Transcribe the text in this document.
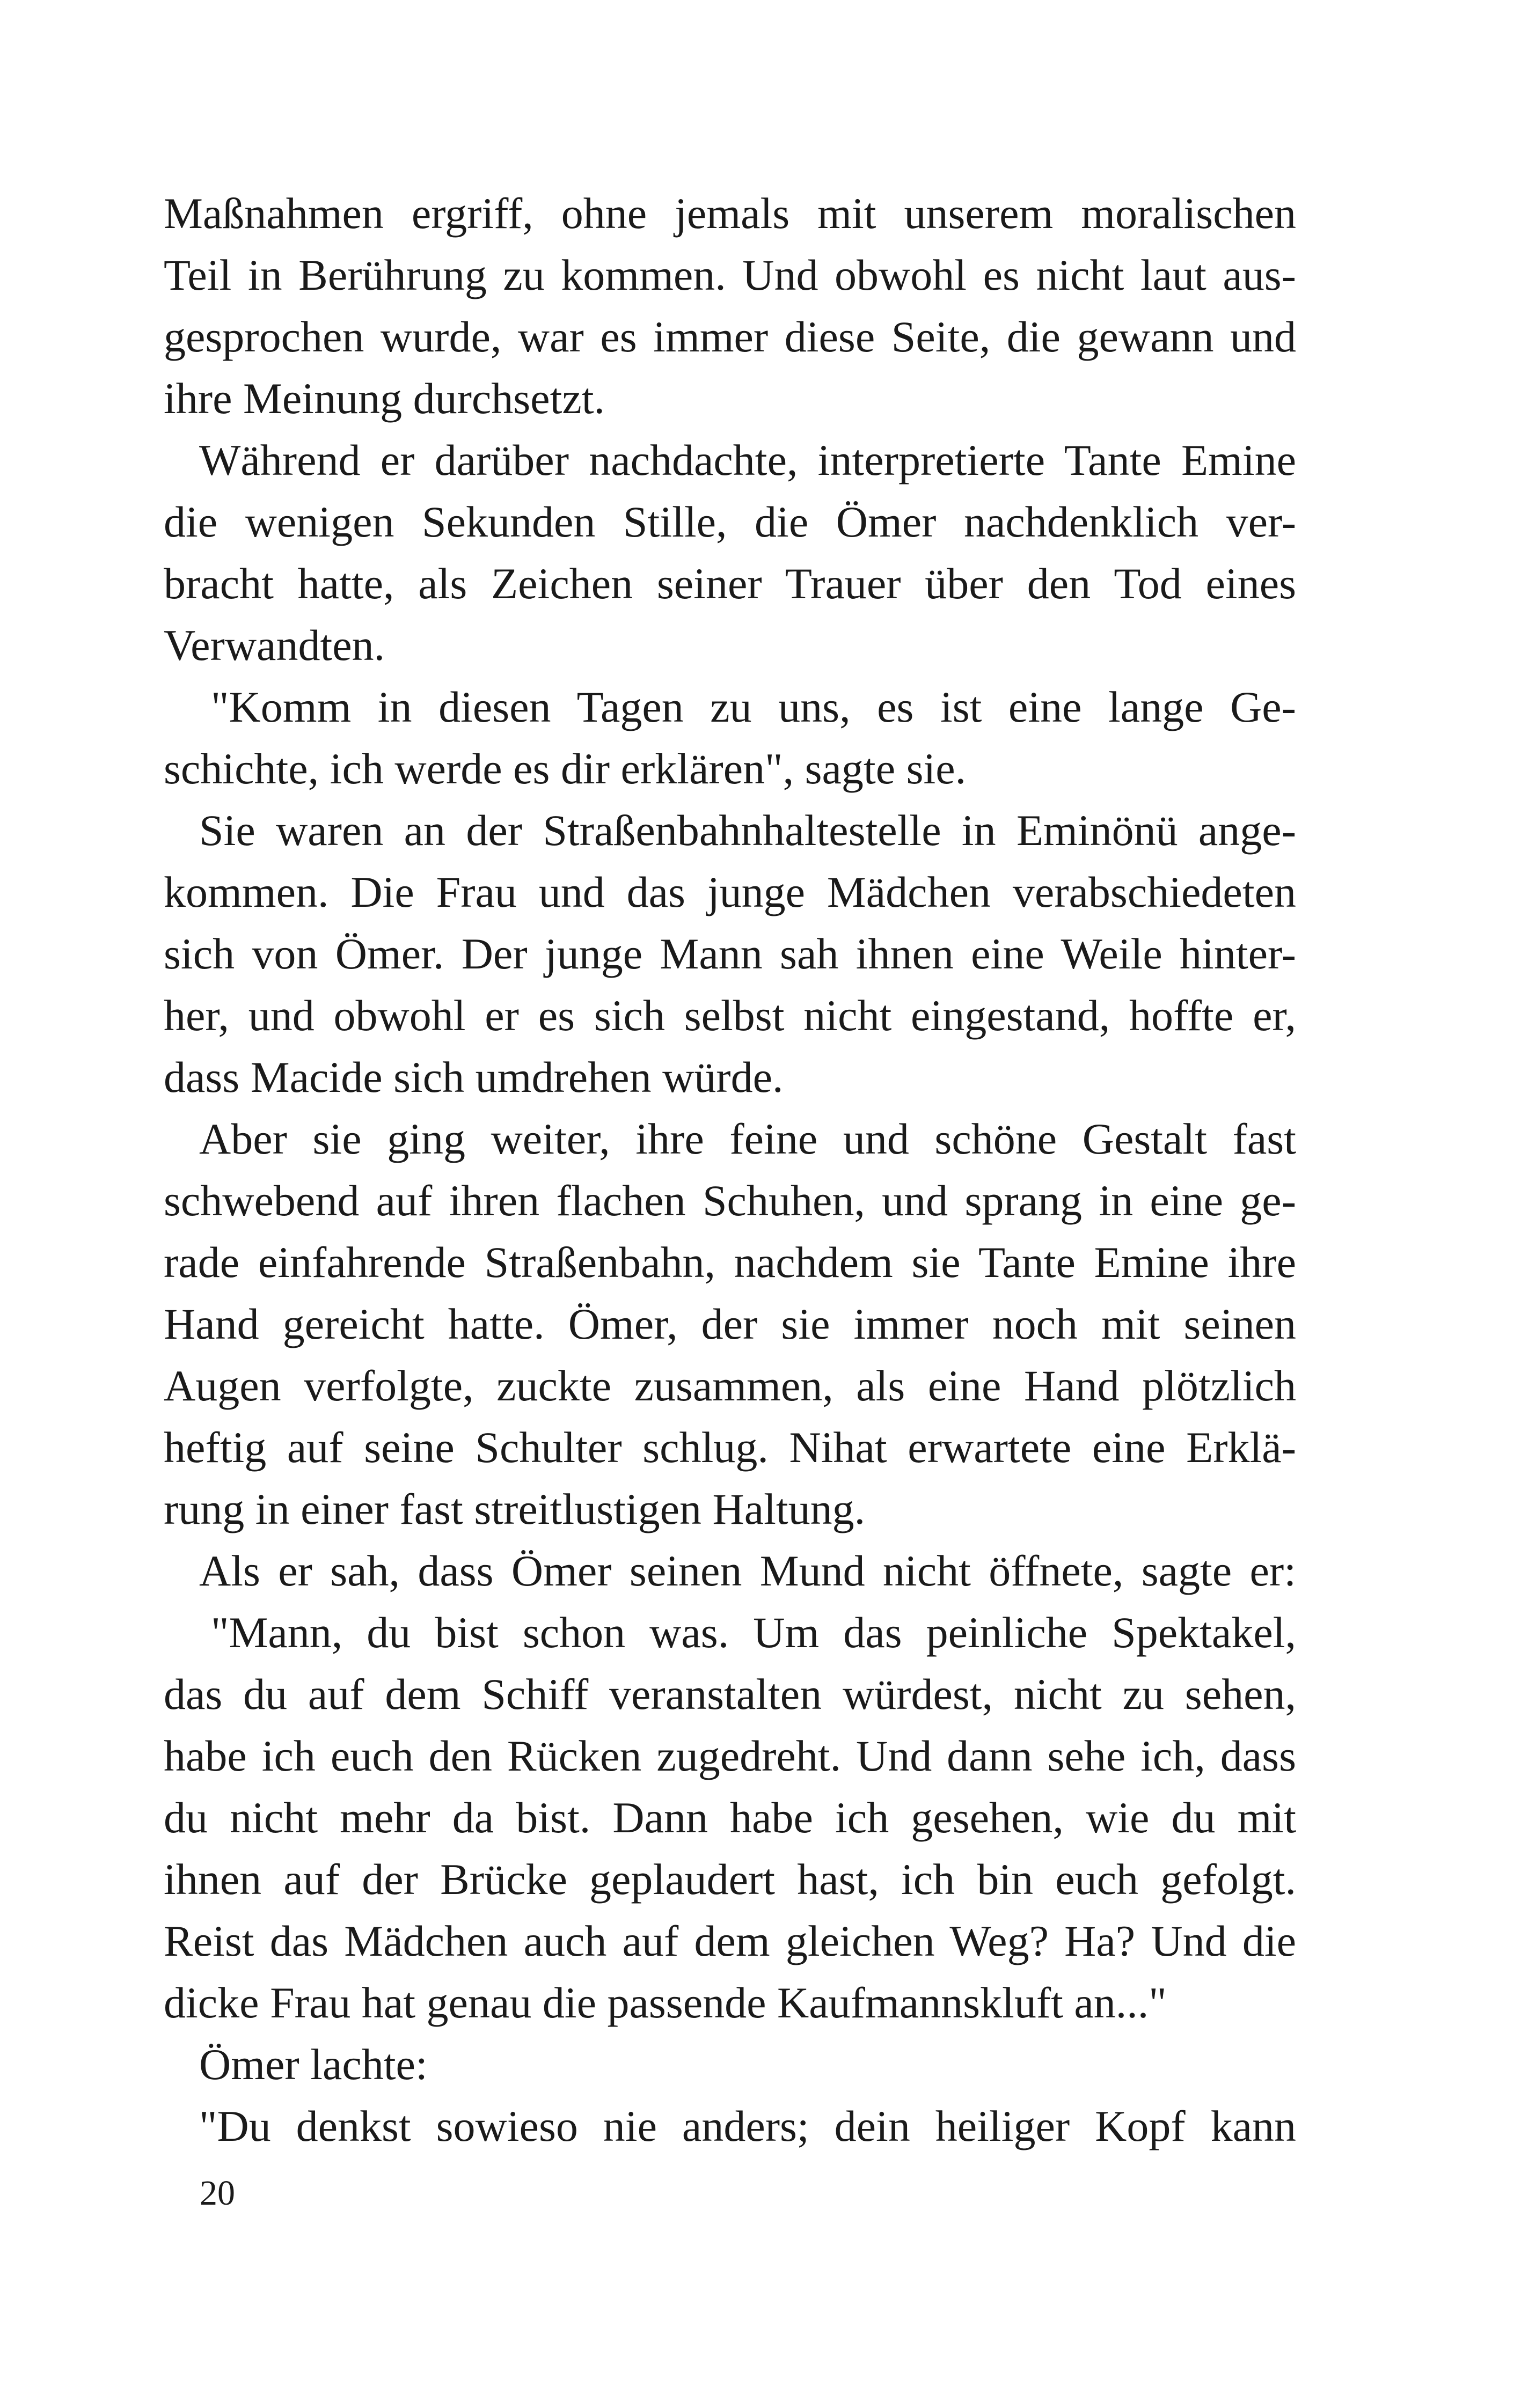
Maßnahmen ergriff, ohne jemals mit unserem moralischen
Teil in Berührung zu kommen. Und obwohl es nicht laut aus-
gesprochen wurde, war es immer diese Seite, die gewann und
ihre Meinung durchsetzt.

Während er darüber nachdachte, interpretierte Tante Emine
die wenigen Sekunden Stille, die Ömer nachdenklich ver-
bracht hatte, als Zeichen seiner Trauer über den Tod eines
Verwandten.

"Komm in diesen Tagen zu uns, es ist eine lange Ge-
schichte, ich werde es dir erklären", sagte sie.

Sie waren an der Straßenbahnhaltestelle in Eminönü ange-
kommen. Die Frau und das junge Mädchen verabschiedeten
sich von Ömer. Der junge Mann sah ihnen eine Weile hinter-
her, und obwohl er es sich selbst nicht eingestand, hoffte er,
dass Macide sich umdrehen würde.

Aber sie ging weiter, ihre feine und schöne Gestalt fast
schwebend auf ihren flachen Schuhen, und sprang in eine ge-
rade einfahrende Straßenbahn, nachdem sie Tante Emine ihre
Hand gereicht hatte. Ömer, der sie immer noch mit seinen
Augen verfolgte, zuckte zusammen, als eine Hand plötzlich
heftig auf seine Schulter schlug. Nihat erwartete eine Erklä-
rung in einer fast streitlustigen Haltung.

Als er sah, dass Ömer seinen Mund nicht öffnete, sagte er:

"Mann, du bist schon was. Um das peinliche Spektakel,
das du auf dem Schiff veranstalten würdest, nicht zu sehen,
habe ich euch den Rücken zugedreht. Und dann sehe ich, dass
du nicht mehr da bist. Dann habe ich gesehen, wie du mit
ihnen auf der Brücke geplaudert hast, ich bin euch gefolgt.
Reist das Mädchen auch auf dem gleichen Weg? Ha? Und die
dicke Frau hat genau die passende Kaufmannskluft an..."

Ömer lachte:

"Du denkst sowieso nie anders; dein heiliger Kopf kann

20
